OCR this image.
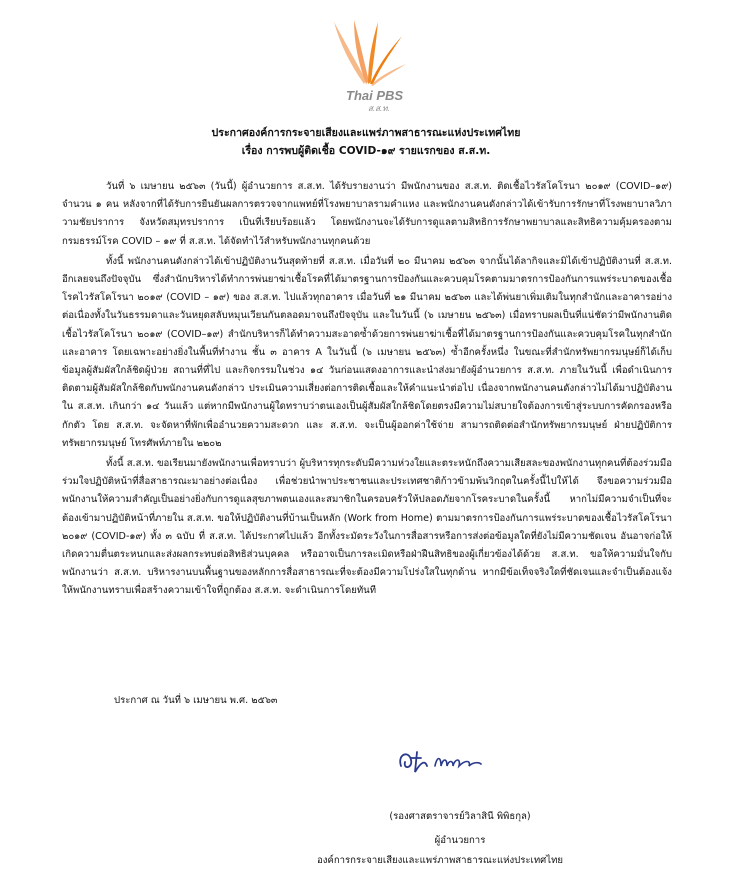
Thai PBS
ส.ส.ท.
ประกาศองค์การกระจายเสียงและแพร่ภาพสาธารณะแห่งประเทศไทย
เรื่อง การพบผู้ติดเชื้อ COVID-๑๙ รายแรกของ ส.ส.ท.

วันที่ ๖ เมษายน ๒๕๖๓ (วันนี้) ผู้อำนวยการ ส.ส.ท. ได้รับรายงานว่า มีพนักงานของ ส.ส.ท. ติดเชื้อไวรัสโคโรนา ๒๐๑๙ (COVID–๑๙) จำนวน ๑ คน หลังจากที่ได้รับการยืนยันผลการตรวจจากแพทย์ที่โรงพยาบาลรามคำแหง และพนักงานคนดังกล่าวได้เข้ารับการรักษาที่โรงพยาบาลวิภาวามชัยปราการ จังหวัดสมุทรปราการ เป็นที่เรียบร้อยแล้ว โดยพนักงานจะได้รับการดูแลตามสิทธิการรักษาพยาบาลและสิทธิความคุ้มครองตามกรมธรรม์โรค COVID – ๑๙ ที่ ส.ส.ท. ได้จัดทำไว้สำหรับพนักงานทุกคนด้วย

ทั้งนี้ พนักงานคนดังกล่าวได้เข้าปฏิบัติงานวันสุดท้ายที่ ส.ส.ท. เมื่อวันที่ ๒๐ มีนาคม ๒๕๖๓ จากนั้นได้ลากิจและมิได้เข้าปฏิบัติงานที่ ส.ส.ท. อีกเลยจนถึงปัจจุบัน ซึ่งสำนักบริหารได้ทำการพ่นยาฆ่าเชื้อโรคที่ได้มาตรฐานการป้องกันและควบคุมโรคตามมาตรการป้องกันการแพร่ระบาดของเชื้อโรคไวรัสโคโรนา ๒๐๑๙ (COVID – ๑๙) ของ ส.ส.ท. ไปแล้วทุกอาคาร เมื่อวันที่ ๒๑ มีนาคม ๒๕๖๓ และได้พ่นยาเพิ่มเติมในทุกสำนักและอาคารอย่างต่อเนื่องทั้งในวันธรรมดาและวันหยุดสลับหมุนเวียนกันตลอดมาจนถึงปัจจุบัน และในวันนี้ (๖ เมษายน ๒๕๖๓) เมื่อทราบผลเป็นที่แน่ชัดว่ามีพนักงานติดเชื้อไวรัสโคโรนา ๒๐๑๙ (COVID–๑๙) สำนักบริหารก็ได้ทำความสะอาดซ้ำด้วยการพ่นยาฆ่าเชื้อที่ได้มาตรฐานการป้องกันและควบคุมโรคในทุกสำนักและอาคาร โดยเฉพาะอย่างยิ่งในพื้นที่ทำงาน ชั้น ๓ อาคาร A ในวันนี้ (๖ เมษายน ๒๕๖๓) ซ้ำอีกครั้งหนึ่ง ในขณะที่สำนักทรัพยากรมนุษย์ก็ได้เก็บข้อมูลผู้สัมผัสใกล้ชิดผู้ป่วย สถานที่ที่ไป และกิจกรรมในช่วง ๑๔ วันก่อนแสดงอาการและนำส่งมายังผู้อำนวยการ ส.ส.ท. ภายในวันนี้ เพื่อดำเนินการติดตามผู้สัมผัสใกล้ชิดกับพนักงานคนดังกล่าว ประเมินความเสี่ยงต่อการติดเชื้อและให้คำแนะนำต่อไป เนื่องจากพนักงานคนดังกล่าวไม่ได้มาปฏิบัติงานใน ส.ส.ท. เกินกว่า ๑๔ วันแล้ว แต่หากมีพนักงานผู้ใดทราบว่าตนเองเป็นผู้สัมผัสใกล้ชิดโดยตรงมีความไม่สบายใจต้องการเข้าสู่ระบบการคัดกรองหรือกักตัว โดย ส.ส.ท. จะจัดหาที่พักเพื่ออำนวยความสะดวก และ ส.ส.ท. จะเป็นผู้ออกค่าใช้จ่าย สามารถติดต่อสำนักทรัพยากรมนุษย์ ฝ่ายปฏิบัติการทรัพยากรมนุษย์ โทรศัพท์ภายใน ๒๒๐๒

ทั้งนี้ ส.ส.ท. ขอเรียนมายังพนักงานเพื่อทราบว่า ผู้บริหารทุกระดับมีความห่วงใยและตระหนักถึงความเสียสละของพนักงานทุกคนที่ต้องร่วมมือร่วมใจปฏิบัติหน้าที่สื่อสาธารณะมาอย่างต่อเนื่อง เพื่อช่วยนำพาประชาชนและประเทศชาติก้าวข้ามพ้นวิกฤตในครั้งนี้ไปให้ได้ จึงขอความร่วมมือพนักงานให้ความสำคัญเป็นอย่างยิ่งกับการดูแลสุขภาพตนเองและสมาชิกในครอบครัวให้ปลอดภัยจากโรคระบาดในครั้งนี้ หากไม่มีความจำเป็นที่จะต้องเข้ามาปฏิบัติหน้าที่ภายใน ส.ส.ท. ขอให้ปฏิบัติงานที่บ้านเป็นหลัก (Work from Home) ตามมาตรการป้องกันการแพร่ระบาดของเชื้อไวรัสโคโรนา ๒๐๑๙ (COVID-๑๙) ทั้ง ๓ ฉบับ ที่ ส.ส.ท. ได้ประกาศไปแล้ว อีกทั้งระมัดระวังในการสื่อสารหรือการส่งต่อข้อมูลใดที่ยังไม่มีความชัดเจน อันอาจก่อให้เกิดความตื่นตระหนกและส่งผลกระทบต่อสิทธิส่วนบุคคล หรืออาจเป็นการละเมิดหรือฝ่าฝืนสิทธิของผู้เกี่ยวข้องได้ด้วย ส.ส.ท. ขอให้ความมั่นใจกับพนักงานว่า ส.ส.ท. บริหารงานบนพื้นฐานของหลักการสื่อสาธารณะที่จะต้องมีความโปร่งใสในทุกด้าน หากมีข้อเท็จจริงใดที่ชัดเจนและจำเป็นต้องแจ้งให้พนักงานทราบเพื่อสร้างความเข้าใจที่ถูกต้อง ส.ส.ท. จะดำเนินการโดยทันที

ประกาศ ณ วันที่ ๖ เมษายน พ.ศ. ๒๕๖๓
(รองศาสตราจารย์วิลาสินี พิพิธกุล)
ผู้อำนวยการ
องค์การกระจายเสียงและแพร่ภาพสาธารณะแห่งประเทศไทย
